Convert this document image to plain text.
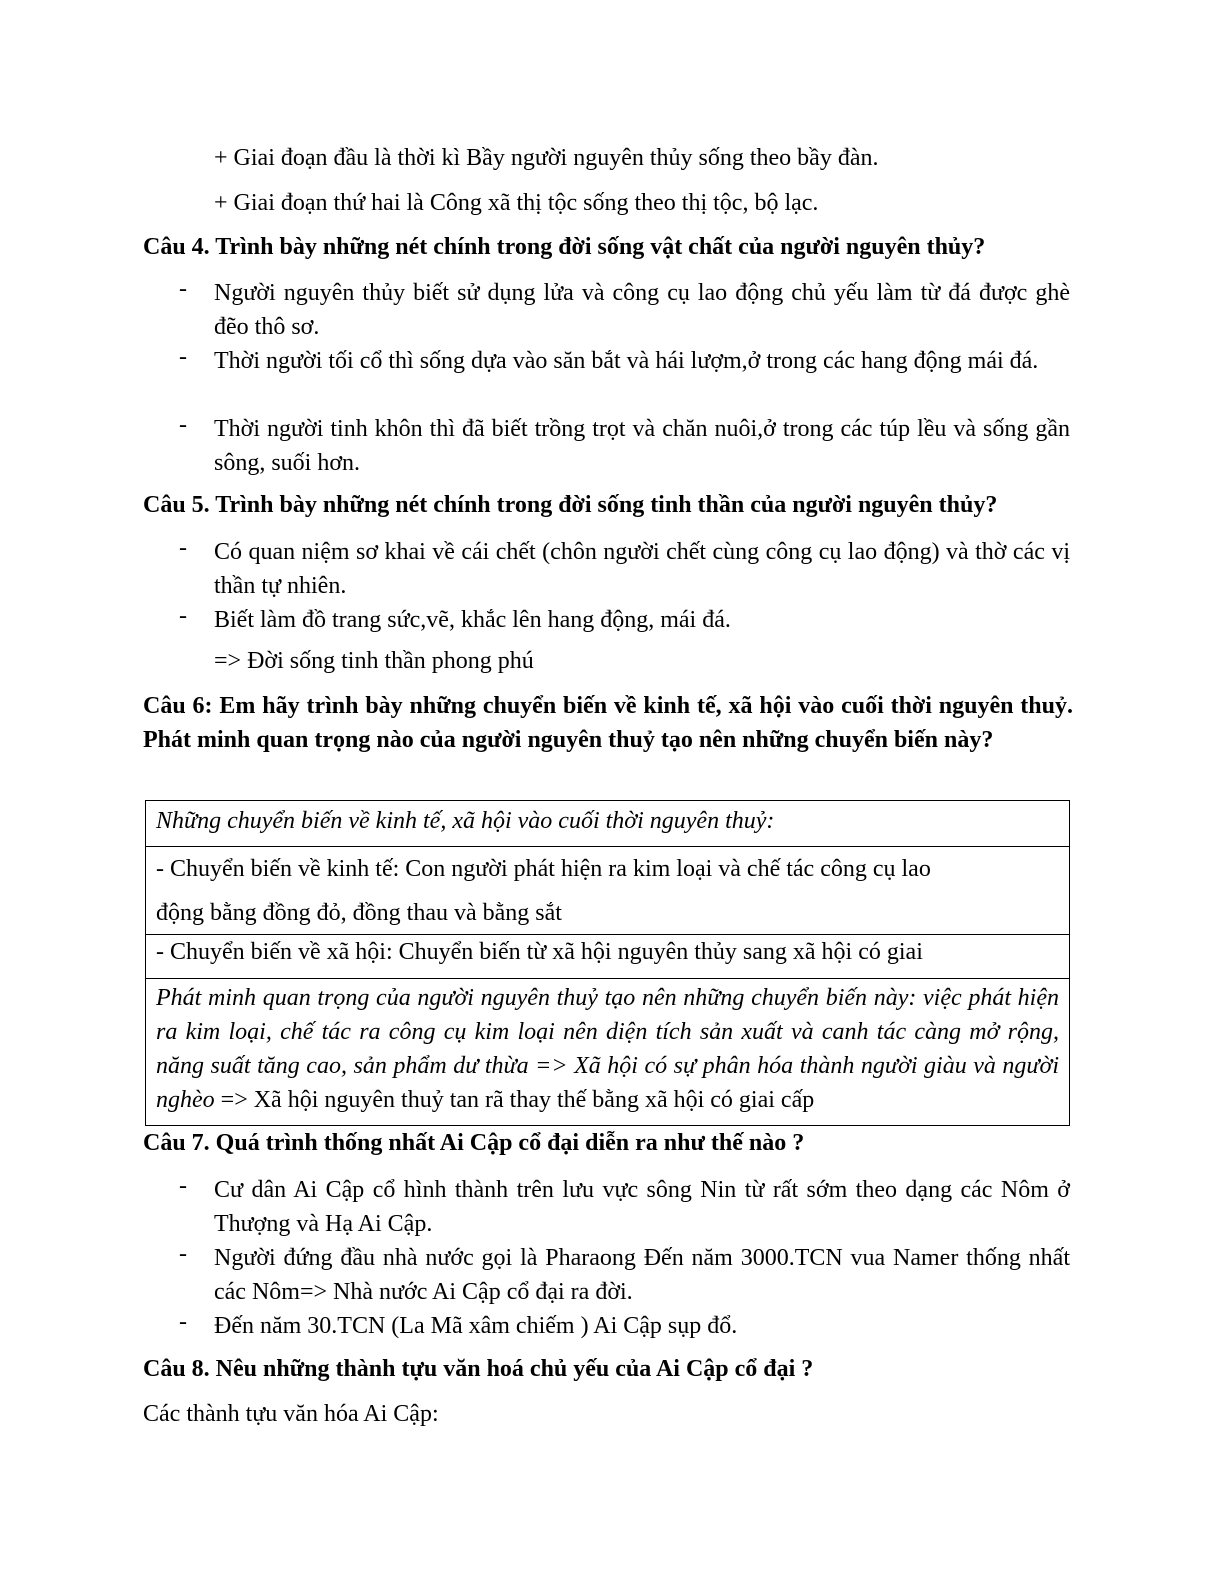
+ Giai đoạn đầu là thời kì Bầy người nguyên thủy sống theo bầy đàn.
+ Giai đoạn thứ hai là Công xã thị tộc sống theo thị tộc, bộ lạc.
Câu 4. Trình bày những nét chính trong đời sống vật chất của người nguyên thủy?
- Người nguyên thủy biết sử dụng lửa và công cụ lao động chủ yếu làm từ đá được ghè đẽo thô sơ.
- Thời người tối cổ thì sống dựa vào săn bắt và hái lượm,ở trong các hang động mái đá.
- Thời người tinh khôn thì đã biết trồng trọt và chăn nuôi,ở trong các túp lều và sống gần sông, suối hơn.
Câu 5. Trình bày những nét chính trong đời sống tinh thần của người nguyên thủy?
- Có quan niệm sơ khai về cái chết (chôn người chết cùng công cụ lao động) và thờ các vị thần tự nhiên.
- Biết làm đồ trang sức,vẽ, khắc lên hang động, mái đá.
=> Đời sống tinh thần phong phú
Câu 6: Em hãy trình bày những chuyển biến về kinh tế, xã hội vào cuối thời nguyên thuỷ. Phát minh quan trọng nào của người nguyên thuỷ tạo nên những chuyển biến này?
Những chuyển biến về kinh tế, xã hội vào cuối thời nguyên thuỷ:
- Chuyển biến về kinh tế: Con người phát hiện ra kim loại và chế tác công cụ lao
động bằng đồng đỏ, đồng thau và bằng sắt
- Chuyển biến về xã hội: Chuyển biến từ xã hội nguyên thủy sang xã hội có giai
Phát minh quan trọng của người nguyên thuỷ tạo nên những chuyển biến này: việc phát hiện ra kim loại, chế tác ra công cụ kim loại nên diện tích sản xuất và canh tác càng mở rộng, năng suất tăng cao, sản phẩm dư thừa => Xã hội có sự phân hóa thành người giàu và người nghèo => Xã hội nguyên thuỷ tan rã thay thế bằng xã hội có giai cấp
Câu 7. Quá trình thống nhất Ai Cập cổ đại diễn ra như thế nào ?
- Cư dân Ai Cập cổ hình thành trên lưu vực sông Nin từ rất sớm theo dạng các Nôm ở Thượng và Hạ Ai Cập.
- Người đứng đầu nhà nước gọi là Pharaong Đến năm 3000.TCN vua Namer thống nhất các Nôm=> Nhà nước Ai Cập cổ đại ra đời.
- Đến năm 30.TCN (La Mã xâm chiếm ) Ai Cập sụp đổ.
Câu 8. Nêu những thành tựu văn hoá chủ yếu của Ai Cập cổ đại ?
Các thành tựu văn hóa Ai Cập:
